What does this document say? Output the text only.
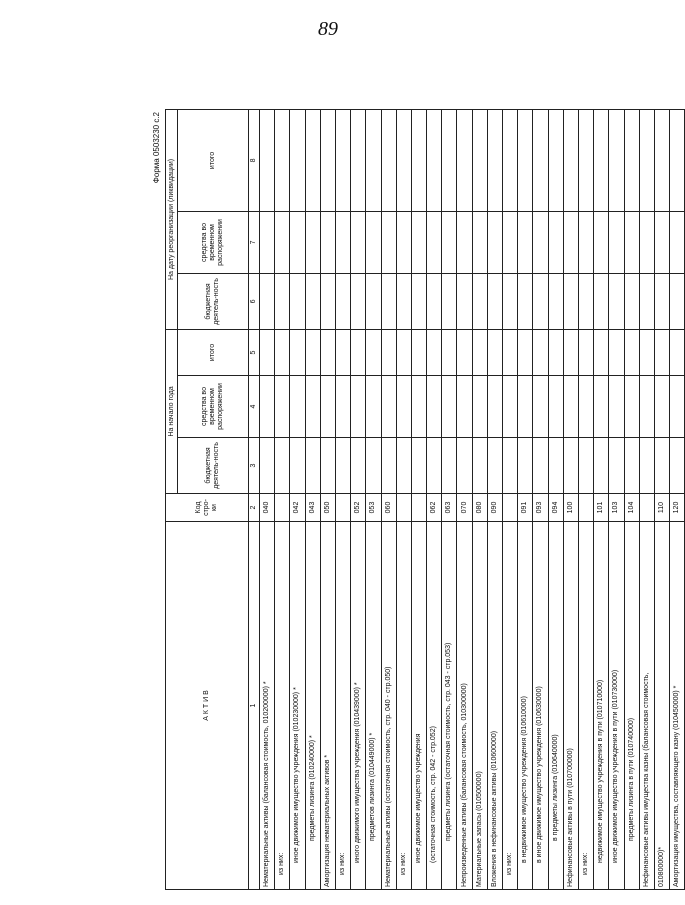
89
Форма 0503230 с.2
А К Т И В	Код стро-ки	На начало года			На дату реорганизации (ликвидации)		
		бюджетная деятель-ность	средства во временном распоряжении	итого	бюджетная деятель-ность	средства во временном распоряжении	итого
1	2	3	4	5	6	7	8
Нематериальные активы (балансовая стоимость, 010200000) *	040						
из них:							
иное движимое имущество учреждения (010230000) *	042						
предметы лизинга (010240000) *	043						
Амортизация нематериальных активов *	050						
из них:							
иного движимого имущества учреждения (010439000) *	052						
предметов лизинга (010449000) *	053						
Нематериальные активы (остаточная стоимость, стр. 040 - стр.050)	060						
из них:							
иное движимое имущество учреждения							
(остаточная стоимость, стр. 042 - стр.052)	062						
предметы лизинга (остаточная стоимость, стр. 043 - стр.053)	063						
Непроизведенные активы (балансовая стоимость, 010300000)	070						
Материальные запасы (010500000)	080						
Вложения в нефинансовые активы (010600000)	090						
из них:							
в недвижимое имущество учреждения (010610000)	091						
в иное движимое имущество учреждения (010630000)	093						
в предметы лизинга (010640000)	094						
Нефинансовые активы в пути (010700000)	100						
из них:							
недвижимое имущество учреждения в пути (010710000)	101						
иное движимое имущество учреждения в пути (010730000)	103						
предметы лизинга в пути (010740000)	104						
Нефинансовые активы имущества казны (балансовая стоимость,							
010800000)*	110						
Амортизация имущества, составляющего казну (010450000) *	120						
